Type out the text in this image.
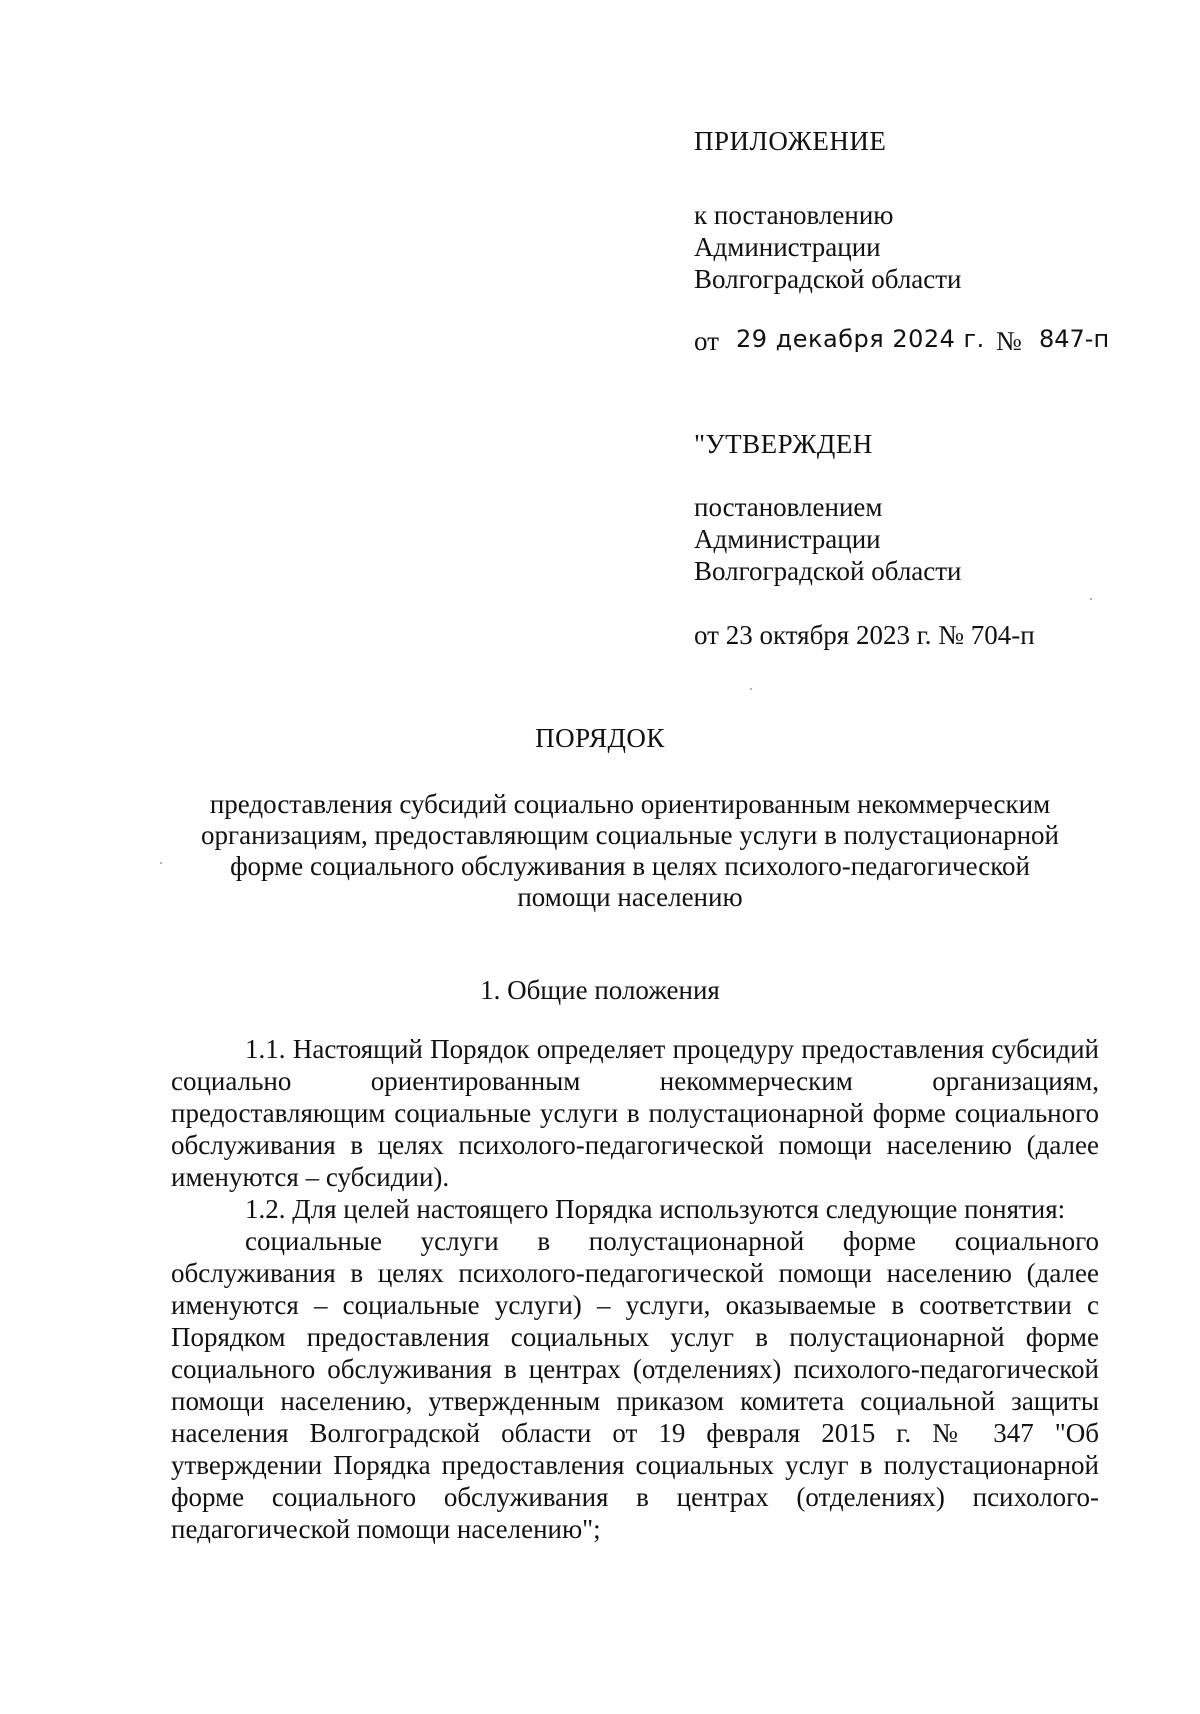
ПРИЛОЖЕНИЕ
к постановлению
Администрации
Волгоградской области
от 29 декабря 2024 г. № 847-п
"УТВЕРЖДЕН
постановлением
Администрации
Волгоградской области
от 23 октября 2023 г. № 704-п
ПОРЯДОК
предоставления субсидий социально ориентированным некоммерческим
организациям, предоставляющим социальные услуги в полустационарной
форме социального обслуживания в целях психолого-педагогической
помощи населению
1. Общие положения

1.1. Настоящий Порядок определяет процедуру предоставления субсидий социально ориентированным некоммерческим организациям, предоставляющим социальные услуги в полустационарной форме социального обслуживания в целях психолого-педагогической помощи населению (далее именуются – субсидии).

1.2. Для целей настоящего Порядка используются следующие понятия:

социальные услуги в полустационарной форме социального обслуживания в целях психолого-педагогической помощи населению (далее именуются – социальные услуги) – услуги, оказываемые в соответствии с Порядком предоставления социальных услуг в полустационарной форме социального обслуживания в центрах (отделениях) психолого-педагогической помощи населению, утвержденным приказом комитета социальной защиты населения Волгоградской области от 19 февраля 2015 г. № 347 "Об утверждении Порядка предоставления социальных услуг в полустационарной форме социального обслуживания в центрах (отделениях) психолого-педагогической помощи населению";
